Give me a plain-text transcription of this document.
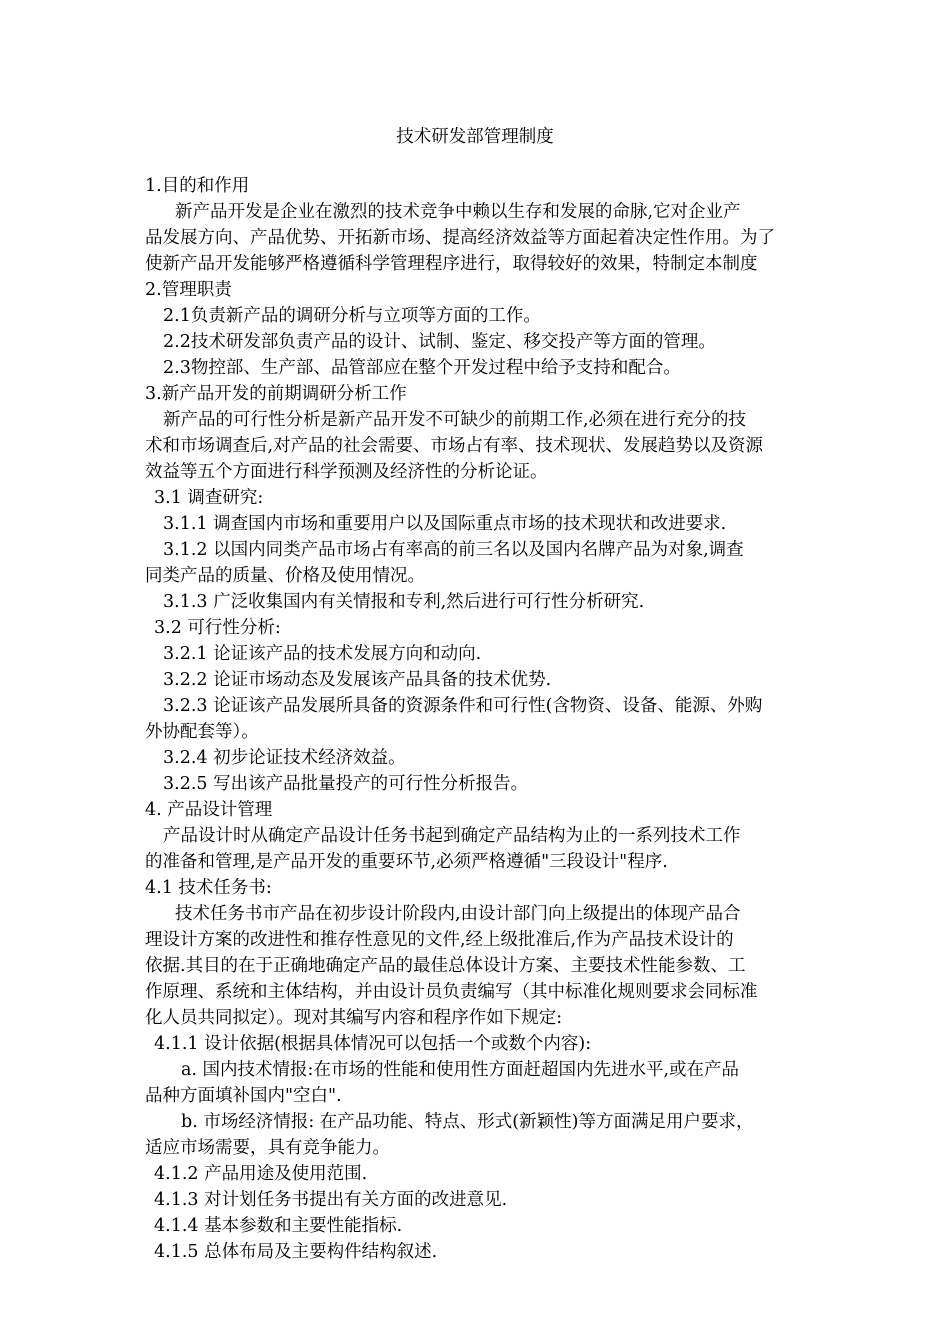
技术研发部管理制度
1.目的和作用
新产品开发是企业在激烈的技术竞争中赖以生存和发展的命脉,它对企业产
品发展方向、产品优势、开拓新市场、提高经济效益等方面起着决定性作用。为了
使新产品开发能够严格遵循科学管理程序进行，取得较好的效果，特制定本制度
2.管理职责
2.1负责新产品的调研分析与立项等方面的工作。
2.2技术研发部负责产品的设计、试制、鉴定、移交投产等方面的管理。
2.3物控部、生产部、品管部应在整个开发过程中给予支持和配合。
3.新产品开发的前期调研分析工作
新产品的可行性分析是新产品开发不可缺少的前期工作,必须在进行充分的技
术和市场调查后,对产品的社会需要、市场占有率、技术现状、发展趋势以及资源
效益等五个方面进行科学预测及经济性的分析论证。
3.1 调查研究:
3.1.1 调查国内市场和重要用户以及国际重点市场的技术现状和改进要求.
3.1.2 以国内同类产品市场占有率高的前三名以及国内名牌产品为对象,调查
同类产品的质量、价格及使用情况。
3.1.3 广泛收集国内有关情报和专利,然后进行可行性分析研究.
3.2 可行性分析:
3.2.1 论证该产品的技术发展方向和动向.
3.2.2 论证市场动态及发展该产品具备的技术优势.
3.2.3 论证该产品发展所具备的资源条件和可行性(含物资、设备、能源、外购
外协配套等）。
3.2.4 初步论证技术经济效益。
3.2.5 写出该产品批量投产的可行性分析报告。
4. 产品设计管理
产品设计时从确定产品设计任务书起到确定产品结构为止的一系列技术工作
的准备和管理,是产品开发的重要环节,必须严格遵循"三段设计"程序.
4.1 技术任务书:
技术任务书市产品在初步设计阶段内,由设计部门向上级提出的体现产品合
理设计方案的改进性和推存性意见的文件,经上级批准后,作为产品技术设计的
依据.其目的在于正确地确定产品的最佳总体设计方案、主要技术性能参数、工
作原理、系统和主体结构，并由设计员负责编写（其中标准化规则要求会同标准
化人员共同拟定）。现对其编写内容和程序作如下规定:
4.1.1 设计依据(根据具体情况可以包括一个或数个内容):
a. 国内技术情报:在市场的性能和使用性方面赶超国内先进水平,或在产品
品种方面填补国内"空白".
b. 市场经济情报: 在产品功能、特点、形式(新颖性)等方面满足用户要求，
适应市场需要，具有竞争能力。
4.1.2 产品用途及使用范围.
4.1.3 对计划任务书提出有关方面的改进意见.
4.1.4 基本参数和主要性能指标.
4.1.5 总体布局及主要构件结构叙述.
